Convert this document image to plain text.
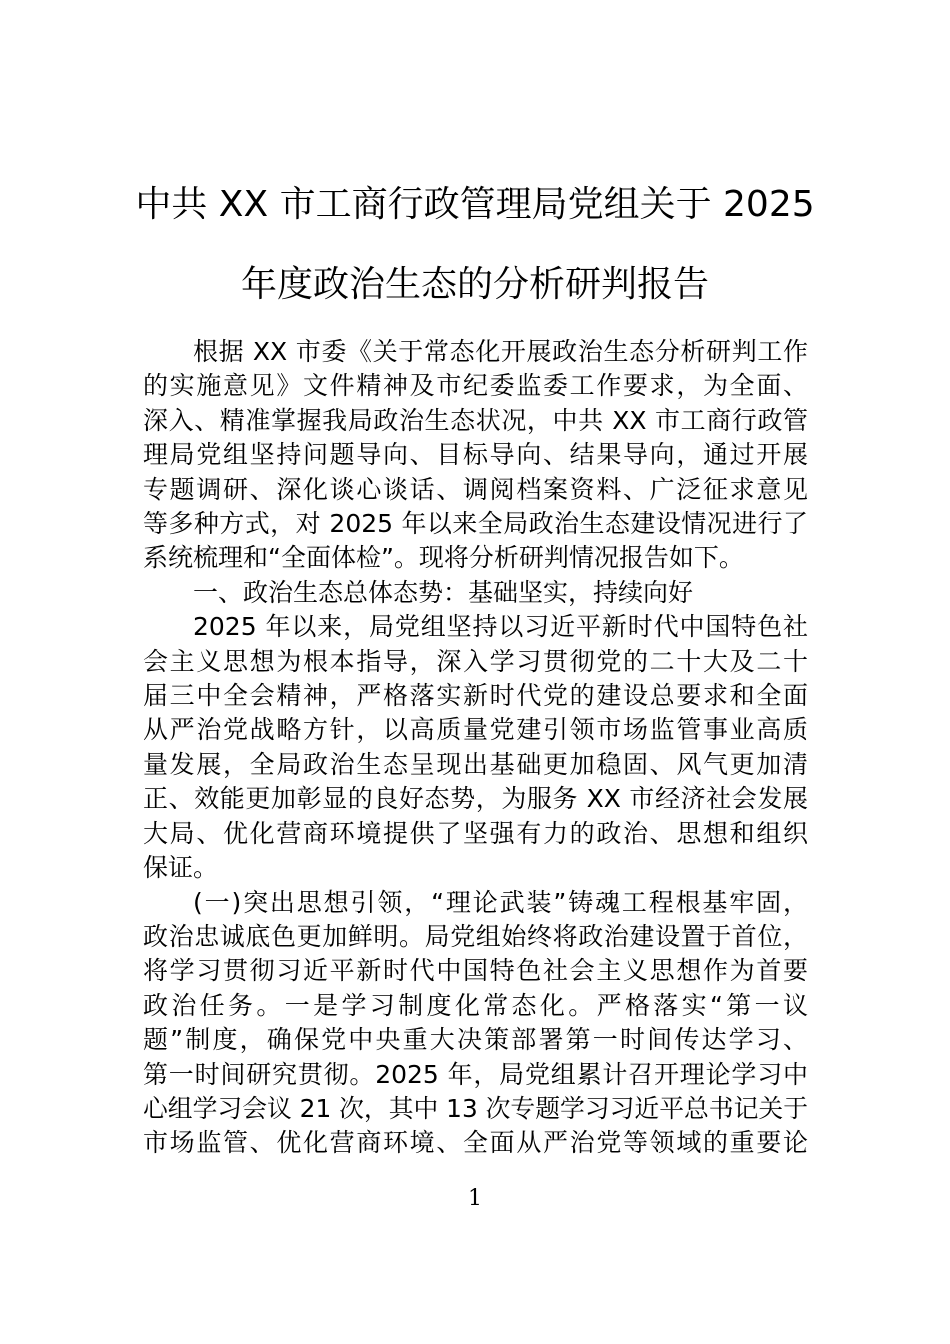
中共 XX 市工商行政管理局党组关于 2025
年度政治生态的分析研判报告
根据 XX 市委《关于常态化开展政治生态分析研判工作
的实施意见》文件精神及市纪委监委工作要求，为全面、
深入、精准掌握我局政治生态状况，中共 XX 市工商行政管
理局党组坚持问题导向、目标导向、结果导向，通过开展
专题调研、深化谈心谈话、调阅档案资料、广泛征求意见
等多种方式，对 2025 年以来全局政治生态建设情况进行了
系统梳理和“全面体检”。现将分析研判情况报告如下。
一、政治生态总体态势：基础坚实，持续向好
2025 年以来，局党组坚持以习近平新时代中国特色社
会主义思想为根本指导，深入学习贯彻党的二十大及二十
届三中全会精神，严格落实新时代党的建设总要求和全面
从严治党战略方针，以高质量党建引领市场监管事业高质
量发展，全局政治生态呈现出基础更加稳固、风气更加清
正、效能更加彰显的良好态势，为服务 XX 市经济社会发展
大局、优化营商环境提供了坚强有力的政治、思想和组织
保证。
(一)突出思想引领，“理论武装”铸魂工程根基牢固，
政治忠诚底色更加鲜明。局党组始终将政治建设置于首位，
将学习贯彻习近平新时代中国特色社会主义思想作为首要
政治任务。一是学习制度化常态化。严格落实“第一议
题”制度，确保党中央重大决策部署第一时间传达学习、
第一时间研究贯彻。2025 年，局党组累计召开理论学习中
心组学习会议 21 次，其中 13 次专题学习习近平总书记关于
市场监管、优化营商环境、全面从严治党等领域的重要论
1
